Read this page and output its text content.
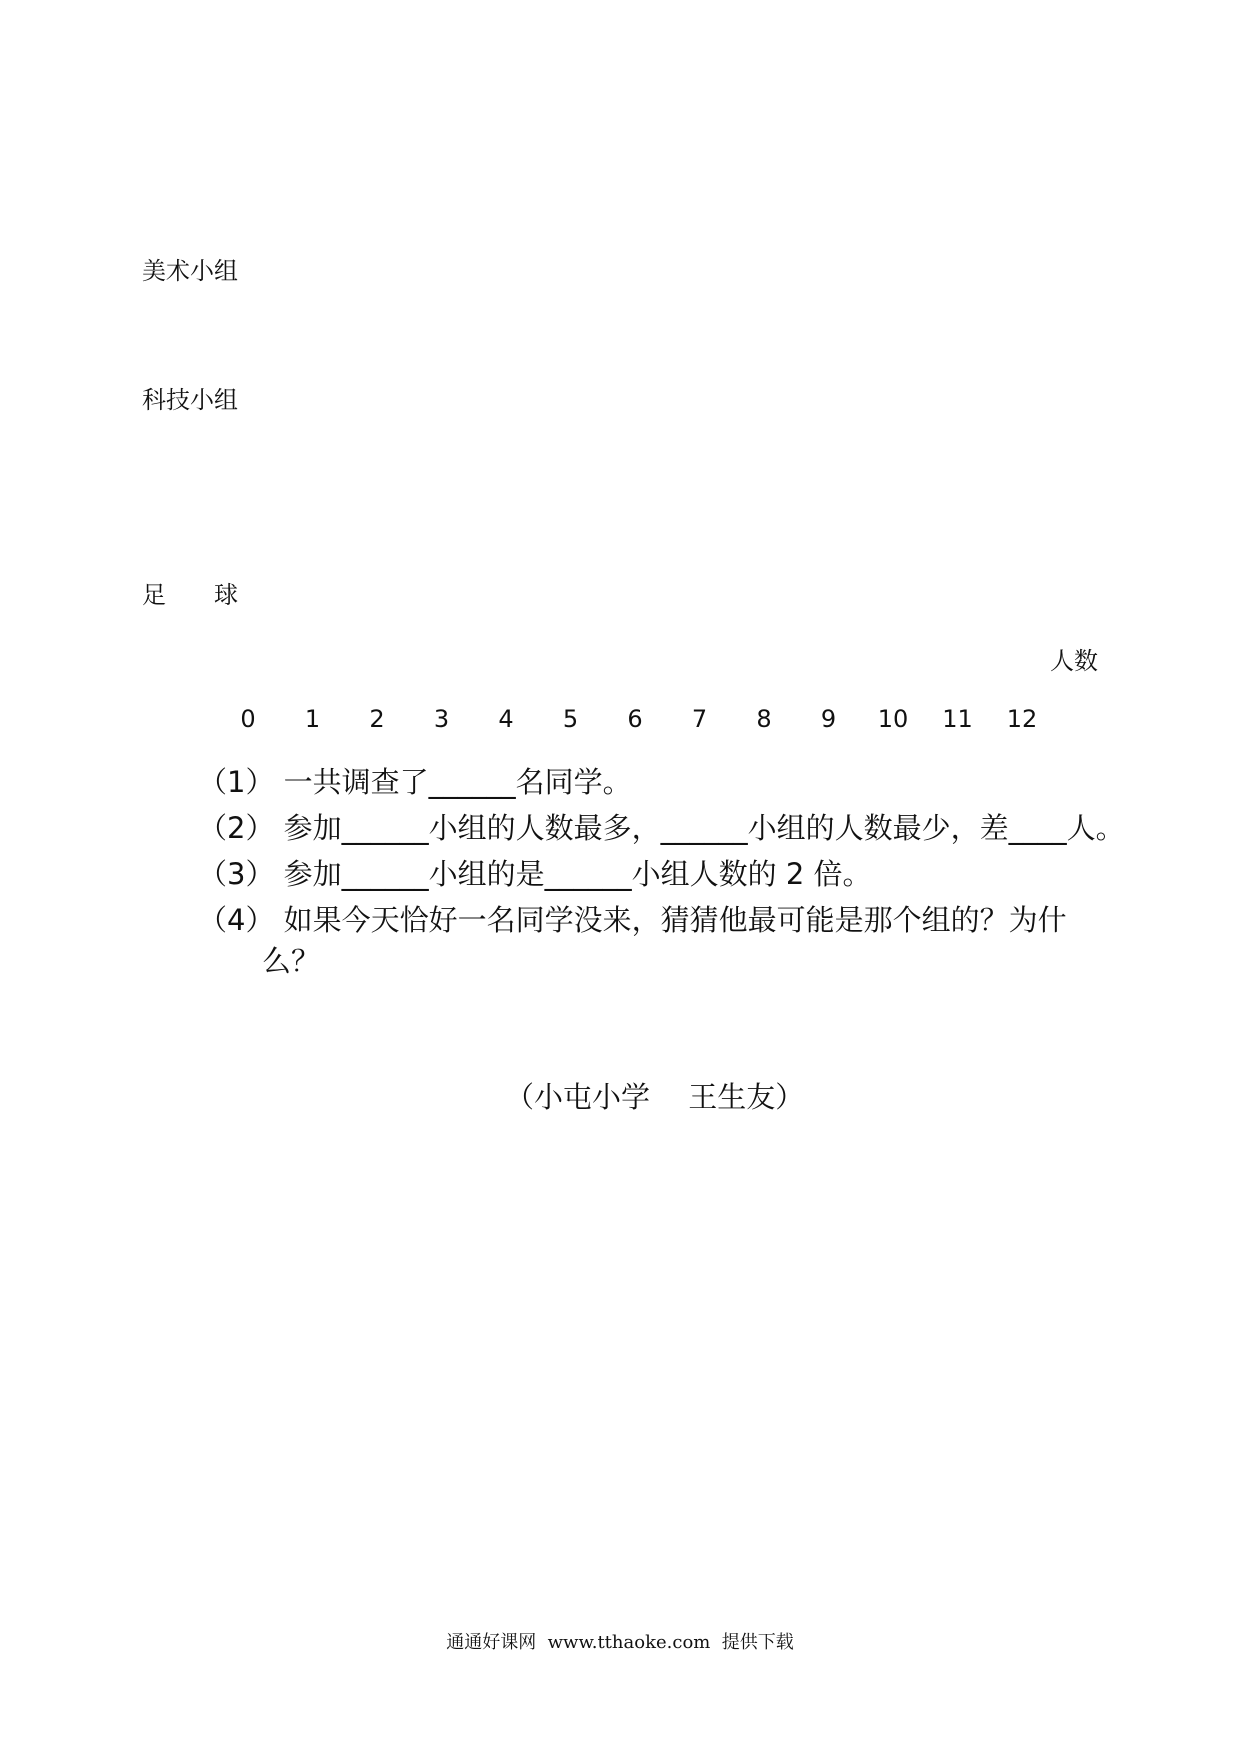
美术小组
科技小组
足　　球
人数
0 1 2 3 4 5 6 7 8 9 10 11 12
（1） 一共调查了______名同学。
（2） 参加______小组的人数最多，______小组的人数最少，差____人。
（3） 参加______小组的是______小组人数的 2 倍。
（4） 如果今天恰好一名同学没来，猜猜他最可能是那个组的？为什
么？
（小屯小学　 王生友）
通通好课网  www.tthaoke.com  提供下载
